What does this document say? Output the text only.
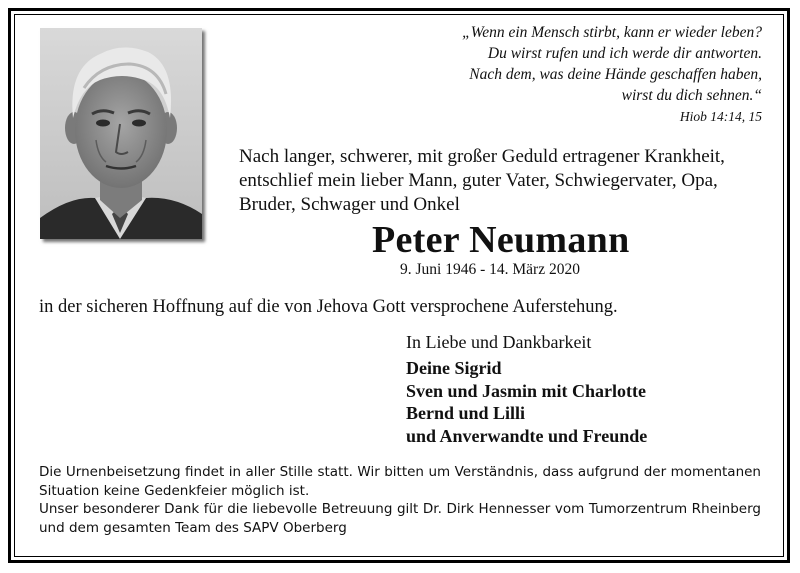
„Wenn ein Mensch stirbt, kann er wieder leben?
Du wirst rufen und ich werde dir antworten.
Nach dem, was deine Hände geschaffen haben,
wirst du dich sehnen.“
Hiob 14:14, 15
Nach langer, schwerer, mit großer Geduld ertragener Krankheit, entschlief mein lieber Mann, guter Vater, Schwiegervater, Opa, Bruder, Schwager und Onkel
Peter Neumann
9. Juni 1946 - 14. März 2020
in der sicheren Hoffnung auf die von Jehova Gott versprochene Auferstehung.
In Liebe und Dankbarkeit
Deine Sigrid
Sven und Jasmin mit Charlotte
Bernd und Lilli
und Anverwandte und Freunde

Die Urnenbeisetzung findet in aller Stille statt. Wir bitten um Verständnis, dass aufgrund der momentanen Situation keine Gedenkfeier möglich ist.

Unser besonderer Dank für die liebevolle Betreuung gilt Dr. Dirk Hennesser vom Tumorzentrum Rheinberg und dem gesamten Team des SAPV Oberberg
